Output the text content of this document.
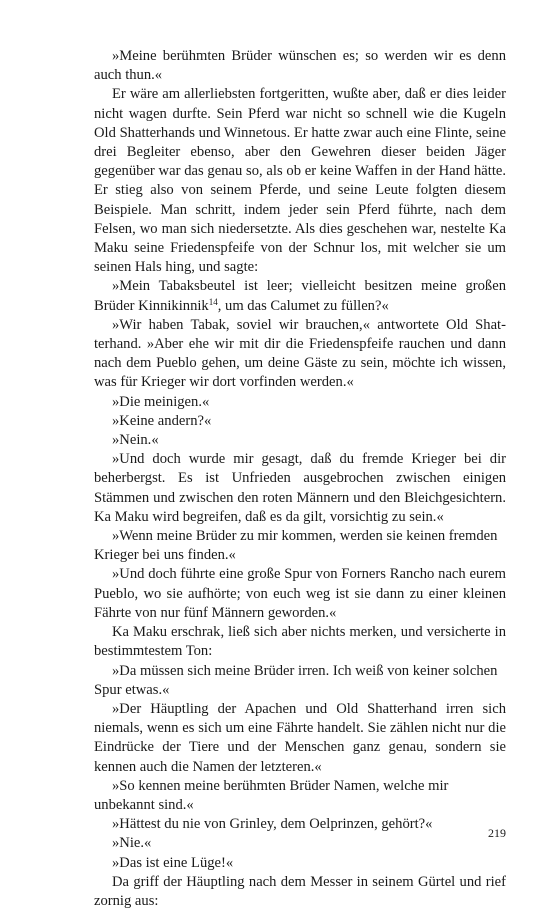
»Meine berühmten Brüder wünschen es; so werden wir es denn auch thun.«

Er wäre am allerliebsten fortgeritten, wußte aber, daß er dies leider nicht wagen durfte. Sein Pferd war nicht so schnell wie die Kugeln Old Shatterhands und Winnetous. Er hatte zwar auch eine Flinte, seine drei Begleiter ebenso, aber den Gewehren dieser beiden Jäger gegenüber war das genau so, als ob er keine Waffen in der Hand hätte. Er stieg also von seinem Pferde, und seine Leute folgten diesem Beispiele. Man schritt, indem jeder sein Pferd führte, nach dem Felsen, wo man sich niedersetzte. Als dies geschehen war, nestelte Ka Maku seine Friedenspfeife von der Schnur los, mit welcher sie um seinen Hals hing, und sagte:

»Mein Tabaksbeutel ist leer; vielleicht besitzen meine großen Brüder Kinnikinnik$^{14}$, um das Calumet zu füllen?«

»Wir haben Tabak, soviel wir brauchen,« antwortete Old Shatterhand. »Aber ehe wir mit dir die Friedenspfeife rauchen und dann nach dem Pueblo gehen, um deine Gäste zu sein, möchte ich wissen, was für Krieger wir dort vorfinden werden.«

»Die meinigen.«

»Keine andern?«

»Nein.«

»Und doch wurde mir gesagt, daß du fremde Krieger bei dir beherbergst. Es ist Unfrieden ausgebrochen zwischen einigen Stämmen und zwischen den roten Männern und den Bleichgesichtern. Ka Maku wird begreifen, daß es da gilt, vorsichtig zu sein.«

»Wenn meine Brüder zu mir kommen, werden sie keinen fremden Krieger bei uns finden.«

»Und doch führte eine große Spur von Forners Rancho nach eurem Pueblo, wo sie aufhörte; von euch weg ist sie dann zu einer kleinen Fährte von nur fünf Männern geworden.«

Ka Maku erschrak, ließ sich aber nichts merken, und versicherte in bestimmtestem Ton:

»Da müssen sich meine Brüder irren. Ich weiß von keiner solchen Spur etwas.«

»Der Häuptling der Apachen und Old Shatterhand irren sich niemals, wenn es sich um eine Fährte handelt. Sie zählen nicht nur die Eindrücke der Tiere und der Menschen ganz genau, sondern sie kennen auch die Namen der letzteren.«

»So kennen meine berühmten Brüder Namen, welche mir unbekannt sind.«

»Hättest du nie von Grinley, dem Oelprinzen, gehört?«

»Nie.«

»Das ist eine Lüge!«

Da griff der Häuptling nach dem Messer in seinem Gürtel und rief zornig aus:

219
